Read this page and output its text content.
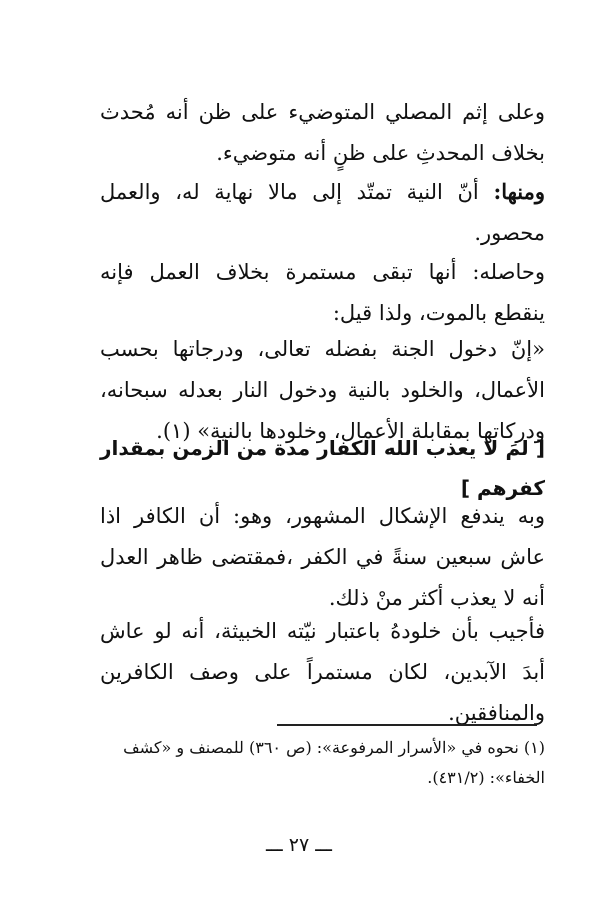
وعلى إثم المصلي المتوضيء على ظن أنه مُحدث بخلاف المحدثِ على ظنٍ أنه متوضيء.

ومنها: أنّ النية تمتّد إلى مالا نهاية له، والعمل محصور.

وحاصله: أنها تبقى مستمرة بخلاف العمل فإنه ينقطع بالموت، ولذا قيل:

«إنّ دخول الجنة بفضله تعالى، ودرجاتها بحسب الأعمال، والخلود بالنية ودخول النار بعدله سبحانه، ودركاتها بمقابلة الأعمال، وخلودها بالنية» (١).

[ لمَ لا يعذب الله الكفار مدة من الزمن بمقدار كفرهم ]

وبه يندفع الإشكال المشهور، وهو: أن الكافر اذا عاش سبعين سنةً في الكفر ،فمقتضى ظاهر العدل أنه لا يعذب أكثر منْ ذلك.

فأجيب بأن خلودهُ باعتبار نيّته الخبيثة، أنه لو عاش أبدَ الآبدين، لكان مستمراً على وصف الكافرين والمنافقين.

(١) نحوه في «الأسرار المرفوعة»: (ص ٣٦٠) للمصنف و «كشف الخفاء»: (٤٣١/٢).
ـــ ٢٧ ـــ
